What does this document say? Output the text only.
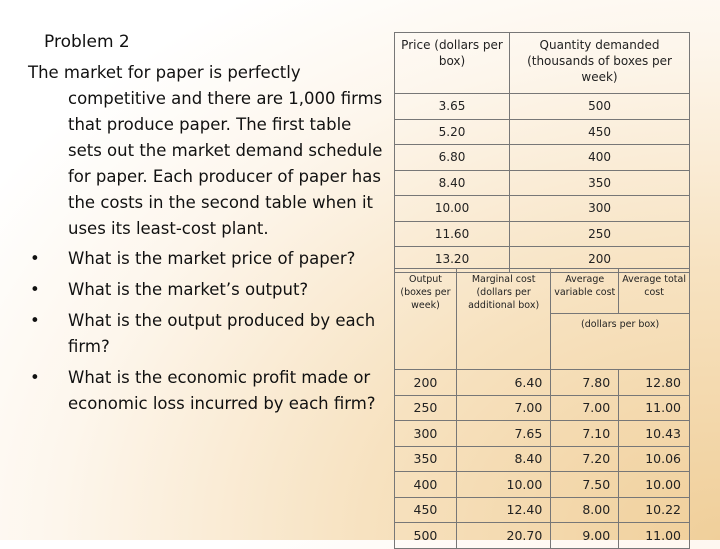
Problem 2

The market for paper is perfectly competitive and there are 1,000 firms that produce paper. The first table sets out the market demand schedule for paper. Each producer of paper has the costs in the second table when it uses its least-cost plant.

• What is the market price of paper?
• What is the market’s output?
• What is the output produced by each firm?
• What is the economic profit made or economic loss incurred by each firm?
Price (dollars per box)	Quantity demanded (thousands of boxes per week)
3.65	500
5.20	450
6.80	400
8.40	350
10.00	300
11.60	250
13.20	200
Output (boxes per week)	Marginal cost (dollars per additional box)	Average variable cost	Average total cost
		(dollars per box)	
200	6.40	7.80	12.80
250	7.00	7.00	11.00
300	7.65	7.10	10.43
350	8.40	7.20	10.06
400	10.00	7.50	10.00
450	12.40	8.00	10.22
500	20.70	9.00	11.00
